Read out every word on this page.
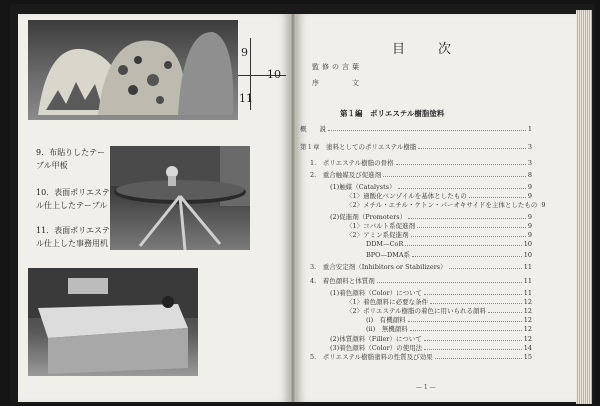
9
10
11
9．布貼りしたテーブル甲板
10．表面ポリエステル仕上したテーブル
11．表面ポリエステル仕上した事務用机
目　次
監修の言葉
序　　　文
第１編　ポリエステル樹脂塗料
概　　説	1
第１章　塗料としてのポリエステル樹脂	3
1.　ポリエステル樹脂の骨格	3
2.　重合触媒及び促進剤	8
(1)触媒（Catalysts）	9
〈1〉過酸化ベンゾイルを基体としたもの	9
〈2〉メチル・エチル・ケトン・パーオキサイドを主体としたもの 9
(2)促進剤（Promoters）	9
〈1〉コバルト系促進剤	9
〈2〉アミン系促進剤	9
DDM—CoR	10
BPO—DMA系	10
3.　重合安定剤（Inhibitors or Stabilizers）	11
4.　着色顔料と体質剤	11
(1)着色顔料（Color）について	11
〈1〉着色顔料に必要な条件	12
〈2〉ポリエステル樹脂の着色に用いられる顔料	12
(i)　有機顔料	12
(ii)　無機顔料	12
(2)体質顔料（Filler）について	12
(3)着色顔料（Color）の使用法	14
5.　ポリエステル樹脂塗料の性質及び効果	15
— 1 —
